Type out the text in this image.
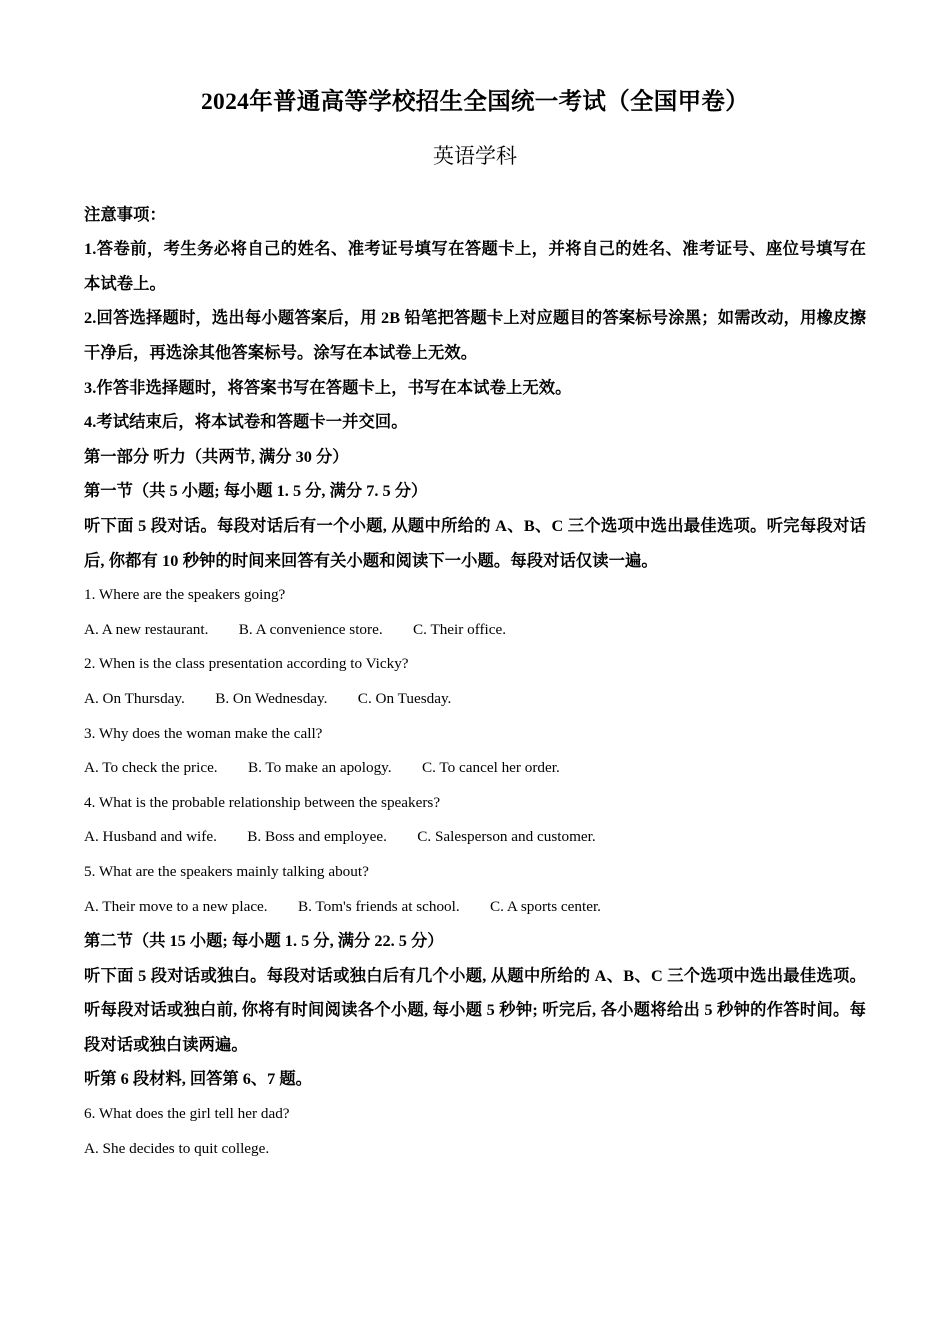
2024年普通高等学校招生全国统一考试（全国甲卷）
英语学科

注意事项：

1.答卷前，考生务必将自己的姓名、准考证号填写在答题卡上，并将自己的姓名、准考证号、座位号填写在本试卷上。

2.回答选择题时，选出每小题答案后，用 2B 铅笔把答题卡上对应题目的答案标号涂黑；如需改动，用橡皮擦干净后，再选涂其他答案标号。涂写在本试卷上无效。

3.作答非选择题时，将答案书写在答题卡上，书写在本试卷上无效。

4.考试结束后，将本试卷和答题卡一并交回。

第一部分 听力（共两节, 满分 30 分）

第一节（共 5 小题; 每小题 1. 5 分, 满分 7. 5 分）

听下面 5 段对话。每段对话后有一个小题, 从题中所给的 A、B、C 三个选项中选出最佳选项。听完每段对话后, 你都有 10 秒钟的时间来回答有关小题和阅读下一小题。每段对话仅读一遍。

1. Where are the speakers going?

A. A new restaurant.        B. A convenience store.        C. Their office.

2. When is the class presentation according to Vicky?

A. On Thursday.        B. On Wednesday.        C. On Tuesday.

3. Why does the woman make the call?

A. To check the price.        B. To make an apology.        C. To cancel her order.

4. What is the probable relationship between the speakers?

A. Husband and wife.        B. Boss and employee.        C. Salesperson and customer.

5. What are the speakers mainly talking about?

A. Their move to a new place.        B. Tom's friends at school.        C. A sports center.

第二节（共 15 小题; 每小题 1. 5 分, 满分 22. 5 分）

听下面 5 段对话或独白。每段对话或独白后有几个小题, 从题中所给的 A、B、C 三个选项中选出最佳选项。听每段对话或独白前, 你将有时间阅读各个小题, 每小题 5 秒钟; 听完后, 各小题将给出 5 秒钟的作答时间。每段对话或独白读两遍。

听第 6 段材料, 回答第 6、7 题。

6. What does the girl tell her dad?

A. She decides to quit college.
